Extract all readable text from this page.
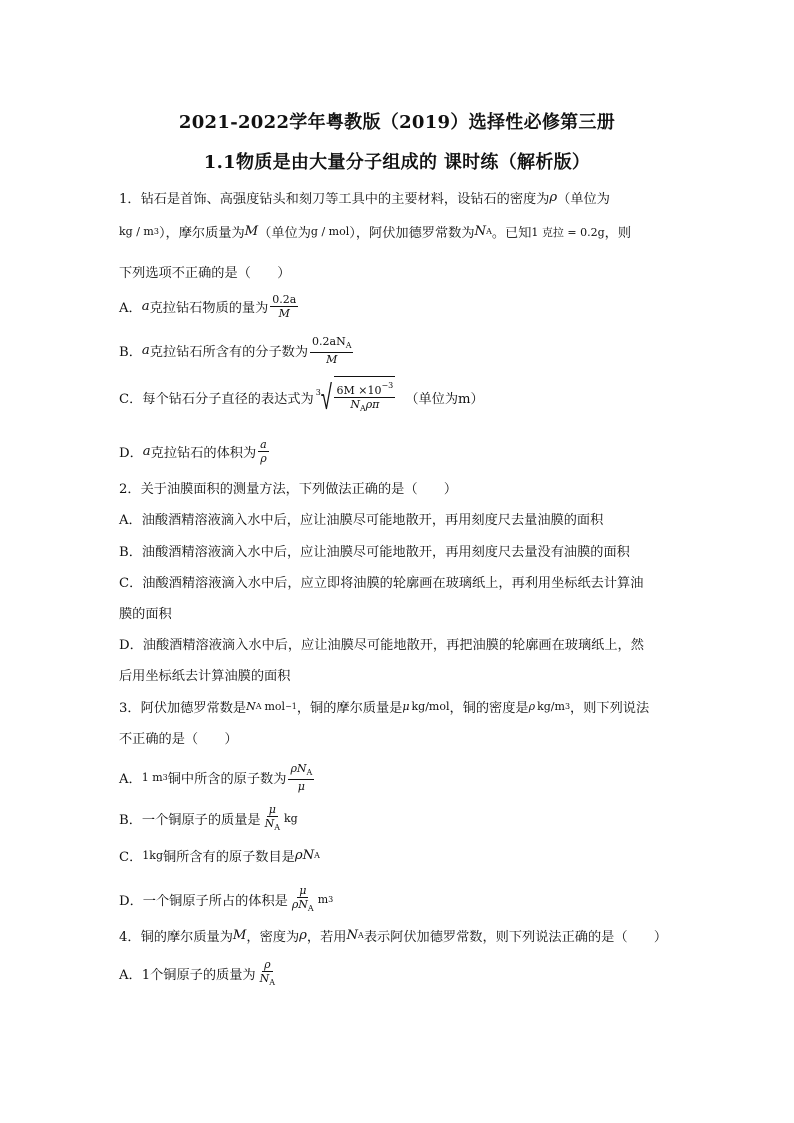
2021-2022学年粤教版（2019）选择性必修第三册
1.1物质是由大量分子组成的 课时练（解析版）
1．钻石是首饰、高强度钻头和刻刀等工具中的主要材料，设钻石的密度为 ρ （单位为
kg / m 3 ），摩尔质量为 M （单位为 g / mol ），阿伏加德罗常数为 N A 。已知 1 克拉 = 0.2g ，则
下列选项不正确的是（　　）
A． a 克拉钻石物质的量为 $\frac{0.2a}{M}$
B． a 克拉钻石所含有的分子数为 $\frac{0.2aN_A}{M}$
C．每个钻石分子直径的表达式为 3 √ $\frac{6M \times 10^{-3}}{N_A\rho\pi}$ （单位为m）
D． a 克拉钻石的体积为 $\frac{a}{\rho}$
2．关于油膜面积的测量方法，下列做法正确的是（　　）
A．油酸酒精溶液滴入水中后，应让油膜尽可能地散开，再用刻度尺去量油膜的面积
B．油酸酒精溶液滴入水中后，应让油膜尽可能地散开，再用刻度尺去量没有油膜的面积
C．油酸酒精溶液滴入水中后，应立即将油膜的轮廓画在玻璃纸上，再利用坐标纸去计算油
膜的面积
D．油酸酒精溶液滴入水中后，应让油膜尽可能地散开，再把油膜的轮廓画在玻璃纸上，然
后用坐标纸去计算油膜的面积
3．阿伏加德罗常数是 N A mol −1 ，铜的摩尔质量是 μ kg/mol ，铜的密度是 ρ kg/m 3 ，则下列说法
不正确的是（　　）
A． 1 m 3 铜中所含的原子数为 $\frac{\rho N_A}{\mu}$
B．一个铜原子的质量是 $\frac{\mu}{N_A}$ kg
C． 1kg 铜所含有的原子数目是 ρN A
D．一个铜原子所占的体积是 $\frac{\mu}{\rho N_A}$ m 3
4．铜的摩尔质量为 M ，密度为 ρ ，若用 N A 表示阿伏加德罗常数，则下列说法正确的是（　　）
A．1个铜原子的质量为 $\frac{\rho}{N_A}$
